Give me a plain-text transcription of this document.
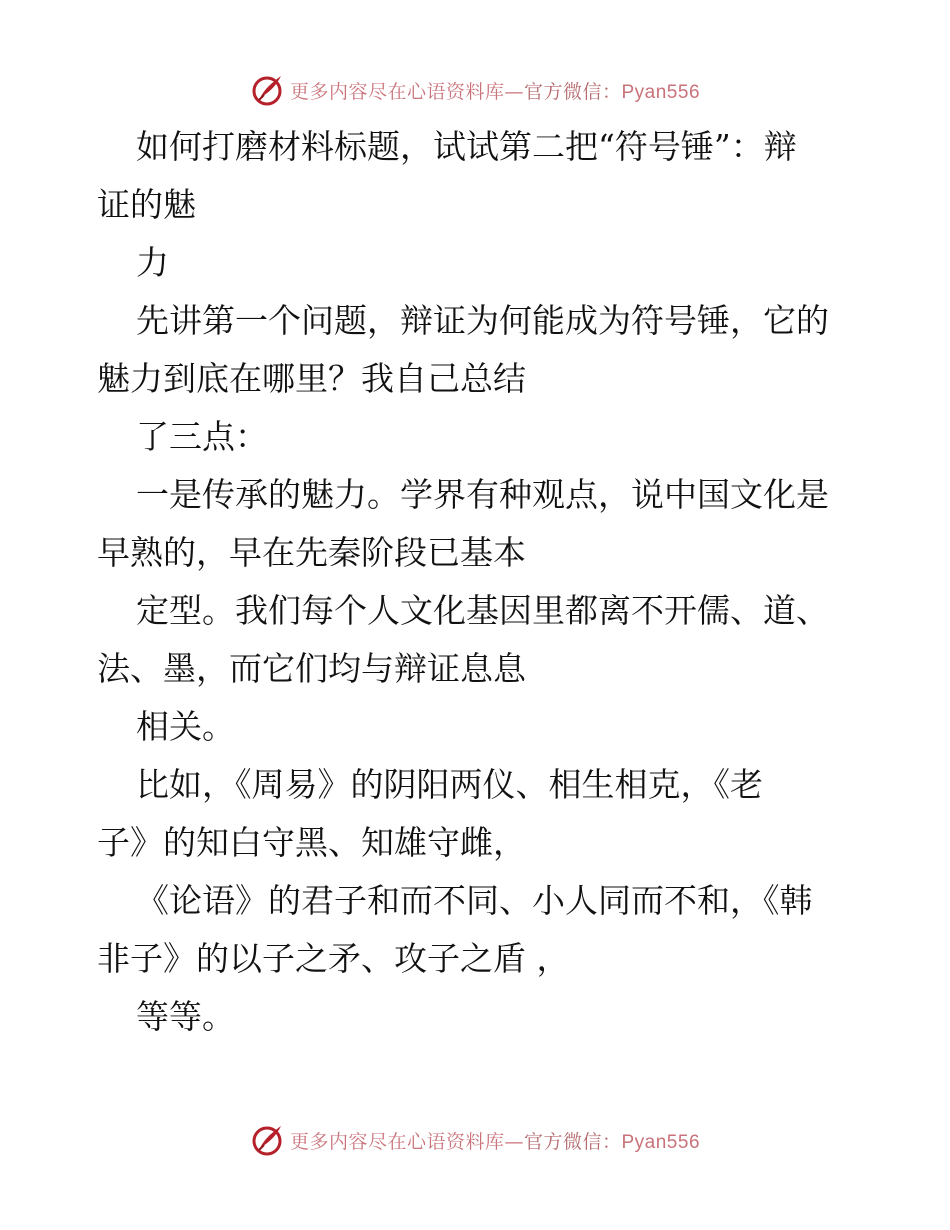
更多内容尽在心语资料库—官方微信：Pyan556
如何打磨材料标题，试试第二把“符号锤”：辩
证的魅
力
先讲第一个问题，辩证为何能成为符号锤，它的
魅力到底在哪里？我自己总结
了三点：
一是传承的魅力。学界有种观点，说中国文化是
早熟的，早在先秦阶段已基本
定型。我们每个人文化基因里都离不开儒、道、
法、墨，而它们均与辩证息息
相关。
比如，《周易》的阴阳两仪、相生相克，《老
子》的知白守黑、知雄守雌，
《论语》的君子和而不同、小人同而不和，《韩
非子》的以子之矛、攻子之盾 ，
等等。
更多内容尽在心语资料库—官方微信：Pyan556
